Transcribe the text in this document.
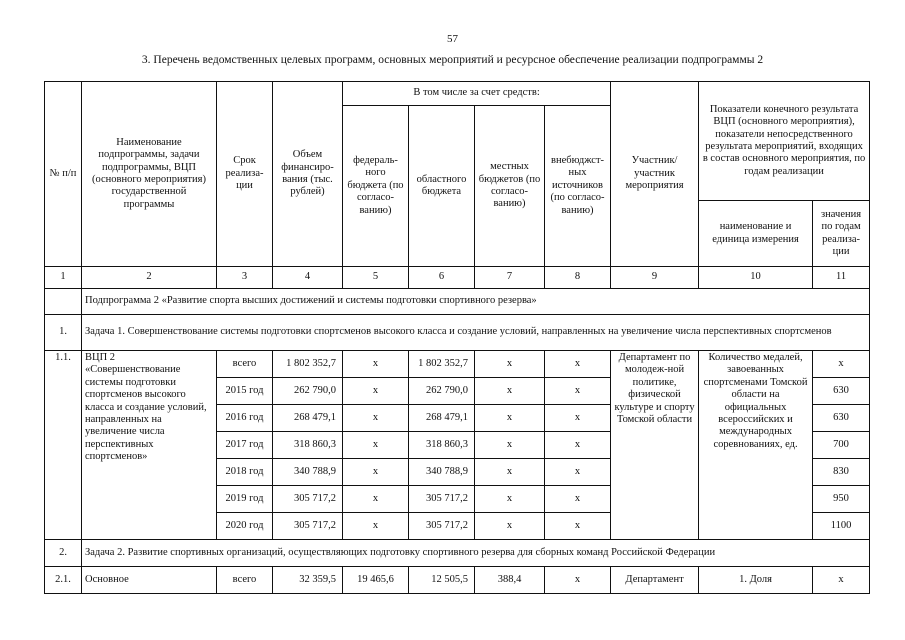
57
3. Перечень ведомственных целевых программ, основных мероприятий и ресурсное обеспечение реализации подпрограммы 2
№ п/п	Наименование подпрограммы, задачи подпрограммы, ВЦП (основного мероприятия) государственной программы	Срок реализа-ции	Объем финансиро-вания (тыс. рублей)	В том числе за счет средств:				Участник/ участник мероприятия	Показатели конечного результата ВЦП (основного мероприятия), показатели непосредственного результата мероприятий, входящих в состав основного мероприятия, по годам реализации	
				федераль-ного бюджета (по согласо-ванию)	областного бюджета	местных бюджетов (по согласо-ванию)	внебюджст-ных источников (по согласо-ванию)			
									наименование и единица измерения	значения по годам реализа-ции
1	2	3	4	5	6	7	8	9	10	11
	Подпрограмма 2 «Развитие спорта высших достижений и системы подготовки спортивного резерва»									
1.	Задача 1. Совершенствование системы подготовки спортсменов высокого класса и создание условий, направленных на увеличение числа перспективных спортсменов									
1.1.	ВЦП 2 «Совершенствование системы подготовки спортсменов высокого класса и создание условий, направленных на увеличение числа перспективных спортсменов»	всего	1 802 352,7	x	1 802 352,7	x	x	Департамент по молодеж-ной политике, физической культуре и спорту Томской области	Количество медалей, завоеванных спортсменами Томской области на официальных всероссийских и международных соревнованиях, ед.	x
		2015 год	262 790,0	x	262 790,0	x	x			630
		2016 год	268 479,1	x	268 479,1	x	x			630
		2017 год	318 860,3	x	318 860,3	x	x			700
		2018 год	340 788,9	x	340 788,9	x	x			830
		2019 год	305 717,2	x	305 717,2	x	x			950
		2020 год	305 717,2	x	305 717,2	x	x			1100
2.	Задача 2. Развитие спортивных организаций, осуществляющих подготовку спортивного резерва для сборных команд Российской Федерации									
2.1.	Основное	всего	32 359,5	19 465,6	12 505,5	388,4	x	Департамент	1. Доля	x
